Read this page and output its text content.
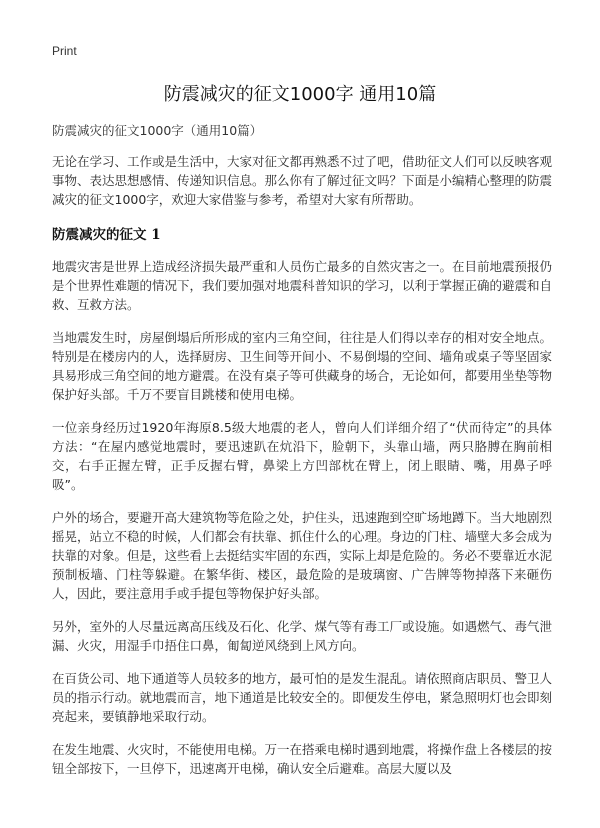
Print
防震减灾的征文1000字 通用10篇
防震减灾的征文1000字（通用10篇）

无论在学习、工作或是生活中，大家对征文都再熟悉不过了吧，借助征文人们可以反映客观事物、表达思想感情、传递知识信息。那么你有了解过征文吗？下面是小编精心整理的防震减灾的征文1000字，欢迎大家借鉴与参考，希望对大家有所帮助。

防震减灾的征文 1

地震灾害是世界上造成经济损失最严重和人员伤亡最多的自然灾害之一。在目前地震预报仍是个世界性难题的情况下，我们要加强对地震科普知识的学习，以利于掌握正确的避震和自救、互救方法。

当地震发生时，房屋倒塌后所形成的室内三角空间，往往是人们得以幸存的相对安全地点。特别是在楼房内的人，选择厨房、卫生间等开间小、不易倒塌的空间、墙角或桌子等坚固家具易形成三角空间的地方避震。在没有桌子等可供藏身的场合，无论如何，都要用坐垫等物保护好头部。千万不要盲目跳楼和使用电梯。

一位亲身经历过1920年海原8.5级大地震的老人，曾向人们详细介绍了“伏而待定”的具体方法：“在屋内感觉地震时，要迅速趴在炕沿下，脸朝下，头靠山墙，两只胳膊在胸前相交，右手正握左臂，正手反握右臂，鼻梁上方凹部枕在臂上，闭上眼睛、嘴，用鼻子呼吸”。

户外的场合，要避开高大建筑物等危险之处，护住头，迅速跑到空旷场地蹲下。当大地剧烈摇晃，站立不稳的时候，人们都会有扶靠、抓住什么的心理。身边的门柱、墙壁大多会成为扶靠的对象。但是，这些看上去挺结实牢固的东西，实际上却是危险的。务必不要靠近水泥预制板墙、门柱等躲避。在繁华街、楼区，最危险的是玻璃窗、广告牌等物掉落下来砸伤人，因此，要注意用手或手提包等物保护好头部。

另外，室外的人尽量远离高压线及石化、化学、煤气等有毒工厂或设施。如遇燃气、毒气泄漏、火灾，用湿手巾捂住口鼻，匍匐逆风绕到上风方向。

在百货公司、地下通道等人员较多的地方，最可怕的是发生混乱。请依照商店职员、警卫人员的指示行动。就地震而言，地下通道是比较安全的。即便发生停电，紧急照明灯也会即刻亮起来，要镇静地采取行动。

在发生地震、火灾时，不能使用电梯。万一在搭乘电梯时遇到地震，将操作盘上各楼层的按钮全部按下，一旦停下，迅速离开电梯，确认安全后避难。高层大厦以及
